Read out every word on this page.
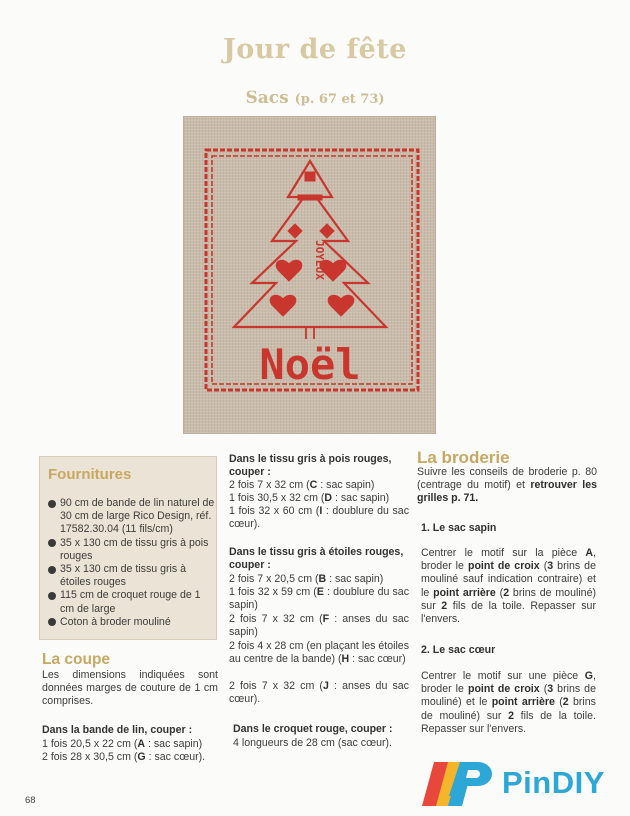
Jour de fête
Sacs (p. 67 et 73)
JOYEUX
Noël
Fournitures
90 cm de bande de lin naturel de 30 cm de large Rico Design, réf. 17582.30.04 (11 fils/cm)
35 x 130 cm de tissu gris à pois rouges
35 x 130 cm de tissu gris à étoiles rouges
115 cm de croquet rouge de 1 cm de large
Coton à broder mouliné
La coupe
Les dimensions indiquées sont données marges de couture de 1 cm comprises.
Dans la bande de lin, couper :
1 fois 20,5 x 22 cm (A : sac sapin)
2 fois 28 x 30,5 cm (G : sac cœur).
Dans le tissu gris à pois rouges, couper :
2 fois 7 x 32 cm (C : sac sapin)
1 fois 30,5 x 32 cm (D : sac sapin)
1 fois 32 x 60 cm (I : doublure du sac cœur).
Dans le tissu gris à étoiles rouges, couper :
2 fois 7 x 20,5 cm (B : sac sapin)
1 fois 32 x 59 cm (E : doublure du sac sapin)
2 fois 7 x 32 cm (F : anses du sac sapin)
2 fois 4 x 28 cm (en plaçant les étoiles au centre de la bande) (H : sac cœur)
2 fois 7 x 32 cm (J : anses du sac cœur).
Dans le croquet rouge, couper :
4 longueurs de 28 cm (sac cœur).
La broderie
Suivre les conseils de broderie p. 80 (centrage du motif) et retrouver les grilles p. 71.
1. Le sac sapin
Centrer le motif sur la pièce A, broder le point de croix (3 brins de mouliné sauf indication contraire) et le point arrière (2 brins de mouliné) sur 2 fils de la toile. Repasser sur l'envers.
2. Le sac cœur
Centrer le motif sur une pièce G, broder le point de croix (3 brins de mouliné) et le point arrière (2 brins de mouliné) sur 2 fils de la toile. Repasser sur l'envers.
68
PinDIY
